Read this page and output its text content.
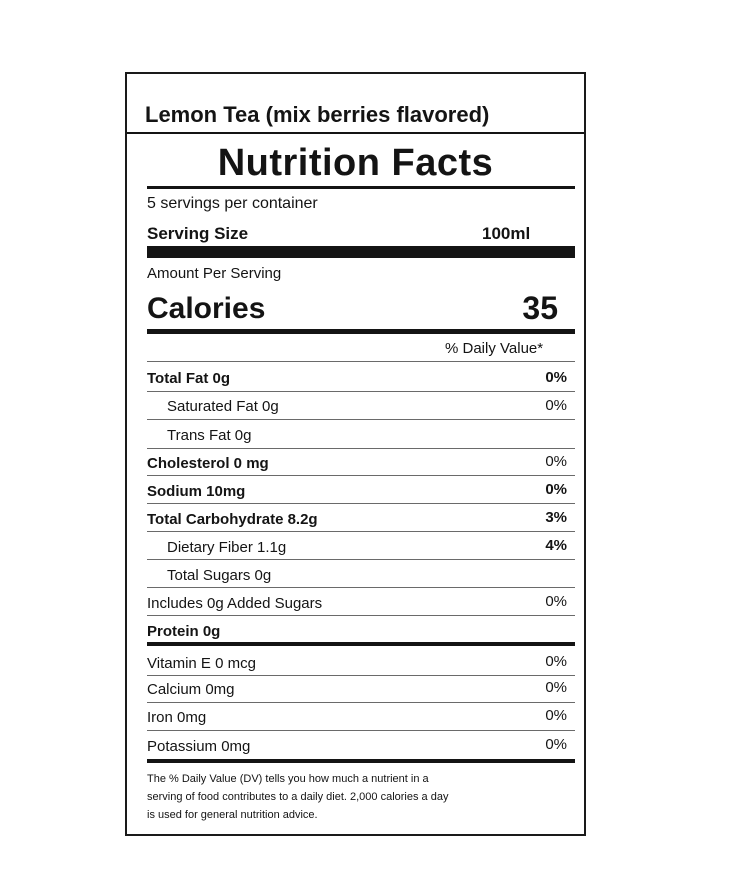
Lemon Tea (mix berries flavored)
Nutrition Facts
5 servings per container
Serving Size	100ml
Amount Per Serving
Calories	35
% Daily Value*
Total Fat 0g	0%
Saturated Fat 0g	0%
Trans Fat 0g
Cholesterol 0 mg	0%
Sodium 10mg	0%
Total Carbohydrate 8.2g	3%
Dietary Fiber 1.1g	4%
Total Sugars 0g
Includes 0g Added Sugars	0%
Protein 0g
Vitamin E 0 mcg	0%
Calcium 0mg	0%
Iron 0mg	0%
Potassium 0mg	0%
The % Daily Value (DV) tells you how much a nutrient in a
serving of food contributes to a daily diet. 2,000 calories a day
is used for general nutrition advice.
